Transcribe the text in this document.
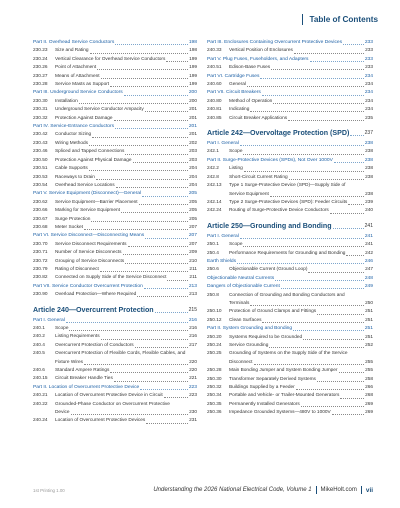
Table of Contents
Part II. Overhead Service Conductors	198
230.23	Size and Rating	198
230.24	Vertical Clearance for Overhead Service Conductors	199
230.26	Point of Attachment	199
230.27	Means of Attachment	199
230.28	Service Masts as Support	199
Part III. Underground Service Conductors	200
230.30	Installation	200
230.31	Underground Service Conductor Ampacity	201
230.32	Protection Against Damage	201
Part IV. Service-Entrance Conductors	201
230.42	Conductor Sizing	201
230.43	Wiring Methods	202
230.46	Spliced and Tapped Connections	203
230.50	Protection Against Physical Damage	203
230.51	Cable Supports	204
230.53	Raceways to Drain	204
230.54	Overhead Service Locations	204
Part V. Service Equipment (Disconnect)—General	205
230.62	Service Equipment—Barrier Placement	205
230.66	Marking for Service Equipment	205
230.67	Surge Protection	205
230.68	Meter Socket	207
Part VI. Service Disconnect—Disconnecting Means	207
230.70	Service Disconnect Requirements	207
230.71	Number of Service Disconnects	209
230.72	Grouping of Service Disconnects	210
230.79	Rating of Disconnect	211
230.82	Connected on Supply Side of the Service Disconnect	211
Part VII. Service Conductor Overcurrent Protection	213
230.90	Overload Protection—Where Required	213
Article 240—Overcurrent Protection	215
Part I. General	216
240.1	Scope	216
240.2	Listing Requirements	216
240.4	Overcurrent Protection of Conductors	217
240.5	Overcurrent Protection of Flexible Cords, Flexible Cables, and
Fixture Wires	220
240.6	Standard Ampere Ratings	220
240.15	Circuit Breaker Handle Ties	221
Part II. Location of Overcurrent Protective Device	223
240.21	Location of Overcurrent Protective Device in Circuit	223
240.22	Grounded-Phase Conductor on Overcurrent Protective
Device	230
240.24	Location of Overcurrent Protective Devices	231
Part III. Enclosures Containing Overcurrent Protective Devices	233
240.33	Vertical Position of Enclosures	233
Part V. Plug Fuses, Fuseholders, and Adapters	233
240.51	Edison-Base Fuses	233
Part VI. Cartridge Fuses	234
240.60	General	234
Part VII. Circuit Breakers	234
240.80	Method of Operation	234
240.81	Indicating	234
240.85	Circuit Breaker Applications	235
Article 242—Overvoltage Protection (SPD)	237
Part I. General	238
242.1	Scope	238
Part II. Surge-Protective Devices (SPDs), Not Over 1000V	238
242.2	Listing	238
242.8	Short-Circuit Current Rating	238
242.13	Type 1 Surge-Protective Device (SPD)—Supply Side of
Service Equipment	238
242.14	Type 2 Surge-Protective Devices (SPD): Feeder Circuits	239
242.24	Routing of Surge-Protective Device Conductors	240
Article 250—Grounding and Bonding	241
Part I. General	241
250.1	Scope	241
250.4	Performance Requirements for Grounding and Bonding	242
Earth Shields	246
250.6	Objectionable Current (Ground Loop)	247
Objectionable Neutral Currents	248
Dangers of Objectionable Current	249
250.8	Connection of Grounding and Bonding Conductors and
Terminals	250
250.10	Protection of Ground Clamps and Fittings	251
250.12	Clean Surfaces	251
Part II. System Grounding and Bonding	251
250.20	Systems Required to be Grounded	251
250.24	Service Grounding	252
250.25	Grounding of Systems on the Supply Side of the Service
Disconnect	255
250.28	Main Bonding Jumper and System Bonding Jumper	255
250.30	Transformer Separately Derived Systems	258
250.32	Buildings Supplied by a Feeder	266
250.34	Portable and Vehicle- or Trailer-Mounted Generators	268
250.35	Permanently Installed Generators	269
250.36	Impedance Grounded Systems—480V to 1000V	269
1st Printing 1.00	Understanding the 2026 National Electrical Code, Volume 1 MikeHolt.com vii
